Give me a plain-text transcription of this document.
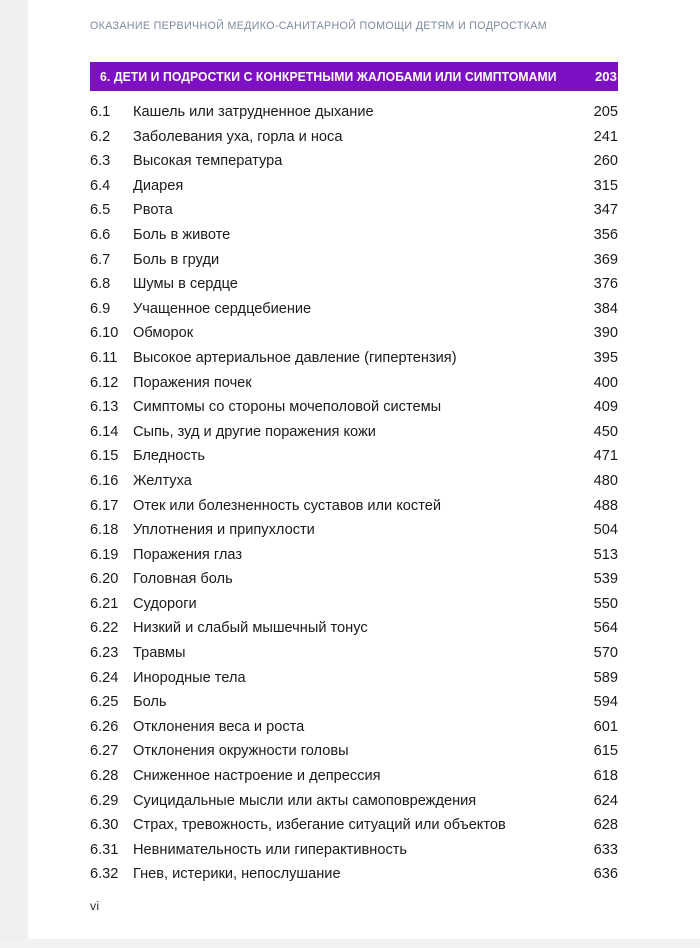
ОКАЗАНИЕ ПЕРВИЧНОЙ МЕДИКО-САНИТАРНОЙ ПОМОЩИ ДЕТЯМ И ПОДРОСТКАМ
6. ДЕТИ И ПОДРОСТКИ С КОНКРЕТНЫМИ ЖАЛОБАМИ ИЛИ СИМПТОМАМИ	203
6.1	Кашель или затрудненное дыхание	205
6.2	Заболевания уха, горла и носа	241
6.3	Высокая температура	260
6.4	Диарея	315
6.5	Рвота	347
6.6	Боль в животе	356
6.7	Боль в груди	369
6.8	Шумы в сердце	376
6.9	Учащенное сердцебиение	384
6.10 Обморок	390
6.11	Высокое артериальное давление (гипертензия)	395
6.12 Поражения почек	400
6.13 Симптомы со стороны мочеполовой системы	409
6.14 Сыпь, зуд и другие поражения кожи	450
6.15 Бледность	471
6.16 Желтуха	480
6.17 Отек или болезненность суставов или костей	488
6.18 Уплотнения и припухлости	504
6.19 Поражения глаз	513
6.20 Головная боль	539
6.21 Судороги	550
6.22 Низкий и слабый мышечный тонус	564
6.23 Травмы	570
6.24 Инородные тела	589
6.25 Боль	594
6.26 Отклонения веса и роста	601
6.27 Отклонения окружности головы	615
6.28 Сниженное настроение и депрессия	618
6.29 Суицидальные мысли или акты самоповреждения	624
6.30 Страх, тревожность, избегание ситуаций или объектов	628
6.31 Невнимательность или гиперактивность	633
6.32 Гнев, истерики, непослушание	636
vi
